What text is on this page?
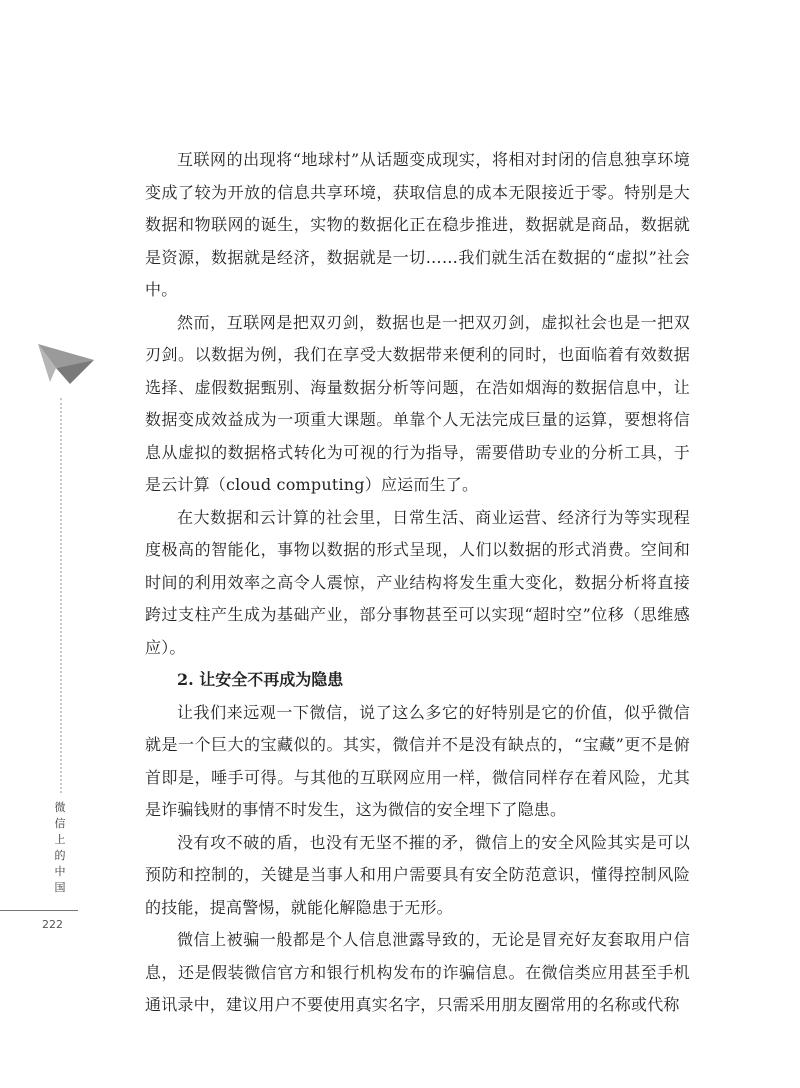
微信上的中国
222

互联网的出现将“地球村”从话题变成现实，将相对封闭的信息独享环境变成了较为开放的信息共享环境，获取信息的成本无限接近于零。特别是大数据和物联网的诞生，实物的数据化正在稳步推进，数据就是商品，数据就是资源，数据就是经济，数据就是一切……我们就生活在数据的“虚拟”社会中。

然而，互联网是把双刃剑，数据也是一把双刃剑，虚拟社会也是一把双刃剑。以数据为例，我们在享受大数据带来便利的同时，也面临着有效数据选择、虚假数据甄别、海量数据分析等问题，在浩如烟海的数据信息中，让数据变成效益成为一项重大课题。单靠个人无法完成巨量的运算，要想将信息从虚拟的数据格式转化为可视的行为指导，需要借助专业的分析工具，于是云计算（cloud computing）应运而生了。

在大数据和云计算的社会里，日常生活、商业运营、经济行为等实现程度极高的智能化，事物以数据的形式呈现，人们以数据的形式消费。空间和时间的利用效率之高令人震惊，产业结构将发生重大变化，数据分析将直接跨过支柱产生成为基础产业，部分事物甚至可以实现“超时空”位移（思维感应）。

2. 让安全不再成为隐患

让我们来远观一下微信，说了这么多它的好特别是它的价值，似乎微信就是一个巨大的宝藏似的。其实，微信并不是没有缺点的，“宝藏”更不是俯首即是，唾手可得。与其他的互联网应用一样，微信同样存在着风险，尤其是诈骗钱财的事情不时发生，这为微信的安全埋下了隐患。

没有攻不破的盾，也没有无坚不摧的矛，微信上的安全风险其实是可以预防和控制的，关键是当事人和用户需要具有安全防范意识，懂得控制风险的技能，提高警惕，就能化解隐患于无形。

微信上被骗一般都是个人信息泄露导致的，无论是冒充好友套取用户信息，还是假装微信官方和银行机构发布的诈骗信息。在微信类应用甚至手机通讯录中，建议用户不要使用真实名字，只需采用朋友圈常用的名称或代称
